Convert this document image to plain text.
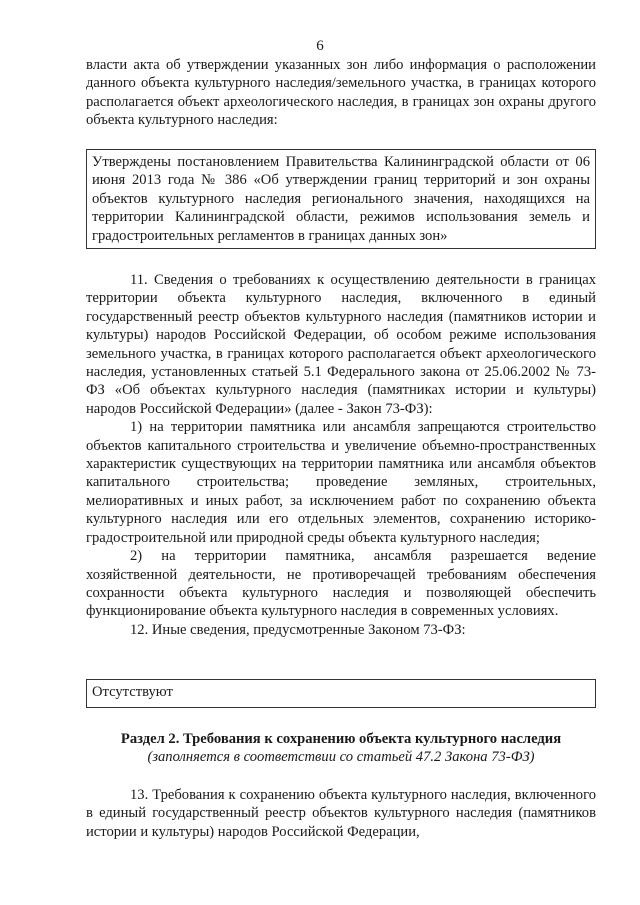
6

власти акта об утверждении указанных зон либо информация о расположении данного объекта культурного наследия/земельного участка, в границах которого располагается объект археологического наследия, в границах зон охраны другого объекта культурного наследия:

Утверждены постановлением Правительства Калининградской области от 06 июня 2013 года № 386 «Об утверждении границ территорий и зон охраны объектов культурного наследия регионального значения, находящихся на территории Калининградской области, режимов использования земель и градостроительных регламентов в границах данных зон»

11. Сведения о требованиях к осуществлению деятельности в границах территории объекта культурного наследия, включенного в единый государственный реестр объектов культурного наследия (памятников истории и культуры) народов Российской Федерации, об особом режиме использования земельного участка, в границах которого располагается объект археологического наследия, установленных статьей 5.1 Федерального закона от 25.06.2002 № 73-ФЗ «Об объектах культурного наследия (памятниках истории и культуры) народов Российской Федерации» (далее - Закон 73-ФЗ):

1) на территории памятника или ансамбля запрещаются строительство объектов капитального строительства и увеличение объемно-пространственных характеристик существующих на территории памятника или ансамбля объектов капитального строительства; проведение земляных, строительных, мелиоративных и иных работ, за исключением работ по сохранению объекта культурного наследия или его отдельных элементов, сохранению историко-градостроительной или природной среды объекта культурного наследия;

2) на территории памятника, ансамбля разрешается ведение хозяйственной деятельности, не противоречащей требованиям обеспечения сохранности объекта культурного наследия и позволяющей обеспечить функционирование объекта культурного наследия в современных условиях.

12. Иные сведения, предусмотренные Законом 73-ФЗ:

Отсутствуют
Раздел 2. Требования к сохранению объекта культурного наследия
(заполняется в соответствии со статьей 47.2 Закона 73-ФЗ)

13. Требования к сохранению объекта культурного наследия, включенного в единый государственный реестр объектов культурного наследия (памятников истории и культуры) народов Российской Федерации,
